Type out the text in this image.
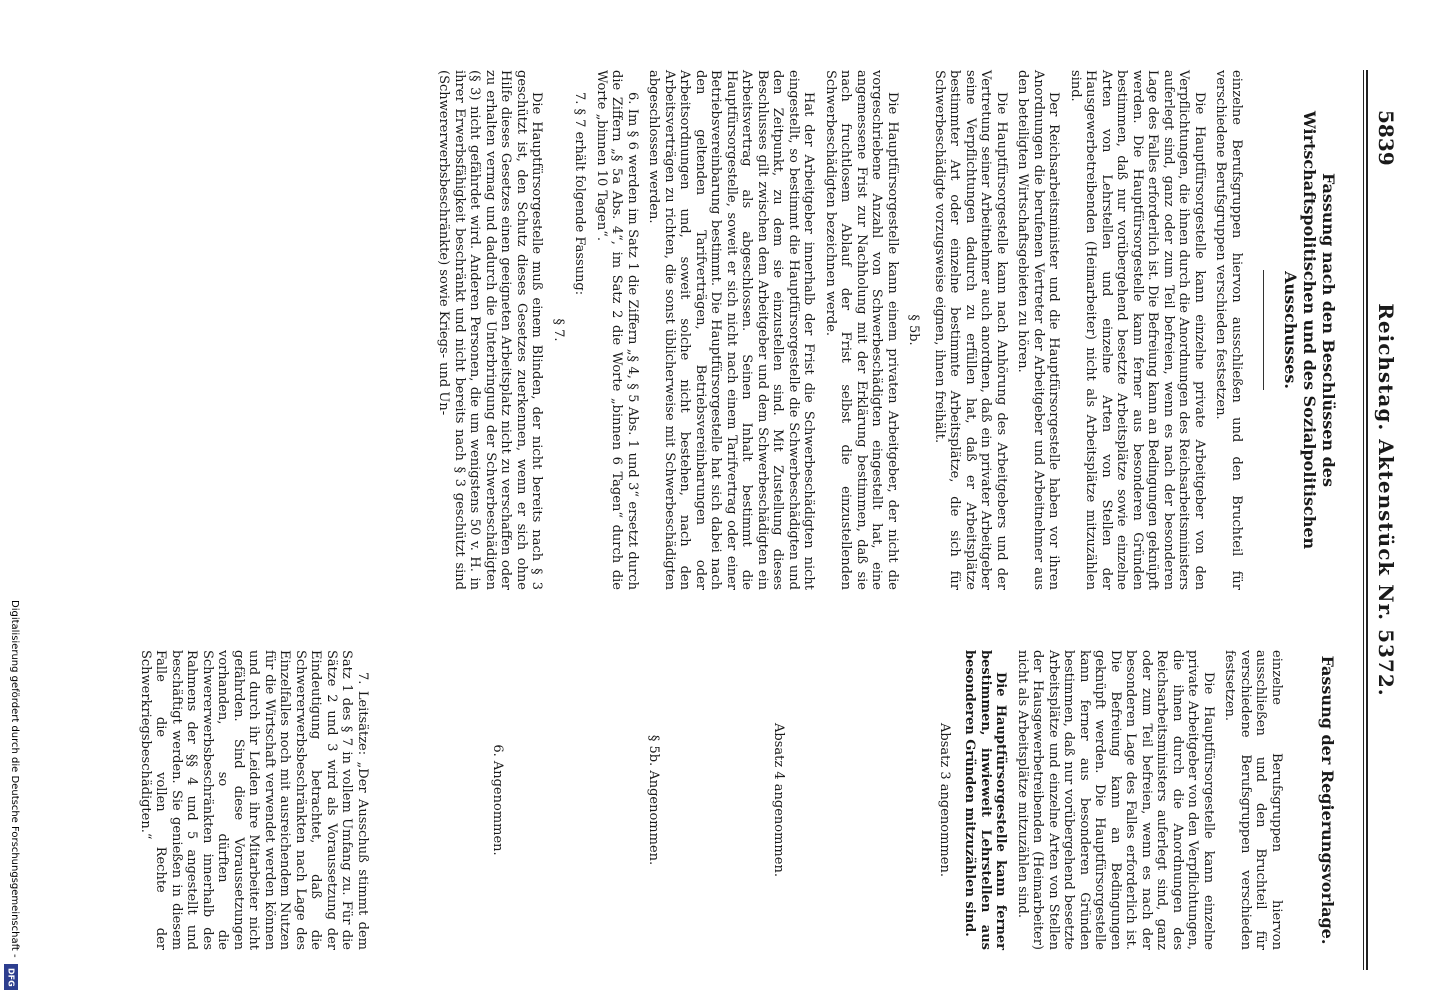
Reichstag. Aktenstück Nr. 5372.
5839
Fassung nach den Beschlüssen des Wirtschaftspolitischen und des Sozialpolitischen Ausschusses.
Fassung der Regierungsvorlage.

einzelne Berufsgruppen hiervon ausschließen und den Bruchteil für verschiedene Berufsgruppen verschieden festsetzen.

Die Hauptfürsorgestelle kann einzelne private Arbeitgeber von den Verpflichtungen, die ihnen durch die Anordnungen des Reichsarbeitsministers auferlegt sind, ganz oder zum Teil befreien, wenn es nach der besonderen Lage des Falles erforderlich ist. Die Befreiung kann an Bedingungen geknüpft werden. Die Hauptfürsorgestelle kann ferner aus besonderen Gründen bestimmen, daß nur vorübergehend besetzte Arbeitsplätze und einzelne Arten von Stellen der Hausgewerbetreibenden (Heimarbeiter) nicht als Arbeitsplätze mitzuzählen sind.

Die Hauptfürsorgestelle kann ferner bestimmen, inwieweit Lehrstellen aus besonderen Gründen mitzuzählen sind.

Absatz 3 angenommen.

Absatz 4 angenommen.

§ 5b. Angenommen.

6. Angenommen.

7. Leitsätze: „Der Ausschuß stimmt dem Satz 1 des § 7 in vollem Umfang zu. Für die Sätze 2 und 3 wird als Voraussetzung der Eindeutigung betrachtet, daß die Schwererwerbsbeschränkten nach Lage des Einzelfalles noch mit ausreichendem Nutzen für die Wirtschaft verwendet werden können und durch ihr Leiden ihre Mitarbeiter nicht gefährden. Sind diese Voraussetzungen vorhanden, so dürften die Schwererwerbsbeschränkten innerhalb des Rahmens der §§ 4 und 5 angestellt und beschäftigt werden. Sie genießen in diesem Falle die vollen Rechte der Schwerkriegsbeschädigten.“

einzelne Berufsgruppen hiervon ausschließen und den Bruchteil für verschiedene Berufsgruppen verschieden festsetzen.

Die Hauptfürsorgestelle kann einzelne private Arbeitgeber von den Verpflichtungen, die ihnen durch die Anordnungen des Reichsarbeitsministers auferlegt sind, ganz oder zum Teil befreien, wenn es nach der besonderen Lage des Falles erforderlich ist. Die Befreiung kann an Bedingungen geknüpft werden. Die Hauptfürsorgestelle kann ferner aus besonderen Gründen bestimmen, daß nur vorübergehend besetzte Arbeitsplätze sowie einzelne Arten von Lehrstellen und einzelne Arten von Stellen der Hausgewerbetreibenden (Heimarbeiter) nicht als Arbeitsplätze mitzuzählen sind.

Der Reichsarbeitsminister und die Hauptfürsorgestelle haben vor ihren Anordnungen die berufenen Vertreter der Arbeitgeber und Arbeitnehmer aus den beteiligten Wirtschaftsgebieten zu hören.

Die Hauptfürsorgestelle kann nach Anhörung des Arbeitgebers und der Vertretung seiner Arbeitnehmer auch anordnen, daß ein privater Arbeitgeber seine Verpflichtungen dadurch zu erfüllen hat, daß er Arbeitsplätze bestimmter Art oder einzelne bestimmte Arbeitsplätze, die sich für Schwerbeschädigte vorzugsweise eignen, ihnen freihält.

§ 5b.

Die Hauptfürsorgestelle kann einem privaten Arbeitgeber, der nicht die vorgeschriebene Anzahl von Schwerbeschädigten eingestellt hat, eine angemessene Frist zur Nachholung mit der Erklärung bestimmen, daß sie nach fruchtlosem Ablauf der Frist selbst die einzustellenden Schwerbeschädigten bezeichnen werde.

Hat der Arbeitgeber innerhalb der Frist die Schwerbeschädigten nicht eingestellt, so bestimmt die Hauptfürsorgestelle die Schwerbeschädigten und den Zeitpunkt, zu dem sie einzustellen sind. Mit Zustellung dieses Beschlusses gilt zwischen dem Arbeitgeber und dem Schwerbeschädigten ein Arbeitsvertrag als abgeschlossen. Seinen Inhalt bestimmt die Hauptfürsorgestelle, soweit er sich nicht nach einem Tarifvertrag oder einer Betriebsvereinbarung bestimmt. Die Hauptfürsorgestelle hat sich dabei nach den geltenden Tarifverträgen, Betriebsvereinbarungen oder Arbeitsordnungen und, soweit solche nicht bestehen, nach den Arbeitsverträgen zu richten, die sonst üblicherweise mit Schwerbeschädigten abgeschlossen werden.

6. Im § 6 werden im Satz 1 die Ziffern „§ 4, § 5 Abs. 1 und 3“ ersetzt durch die Ziffern „§ 5a Abs. 4“, im Satz 2 die Worte „binnen 6 Tagen“ durch die Worte „binnen 10 Tagen“.

7. § 7 erhält folgende Fassung:

§ 7.

Die Hauptfürsorgestelle muß einem Blinden, der nicht bereits nach § 3 geschützt ist, den Schutz dieses Gesetzes zuerkennen, wenn er sich ohne Hilfe dieses Gesetzes einen geeigneten Arbeitsplatz nicht zu verschaffen oder zu erhalten vermag und dadurch die Unterbringung der Schwerbeschädigten (§ 3) nicht gefährdet wird. Anderen Personen, die um wenigstens 50 v. H. in ihrer Erwerbsfähigkeit beschränkt und nicht bereits nach § 3 geschützt sind (Schwererwerbsbeschränkte) sowie Kriegs- und Un-

Digitalisierung gefördert durch die Deutsche Forschungsgemeinschaft -
DFG
